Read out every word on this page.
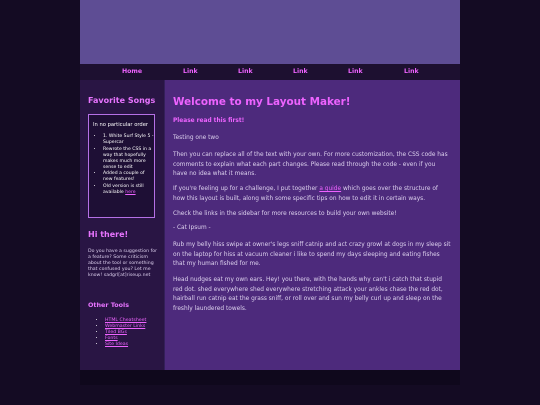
Home	Link	Link	Link	Link	Link
Favorite Songs

In no particular order

• 1. White Surf Style 5 - Supercar
• Rewrote the CSS in a way that hopefully makes much more sense to edit
• Added a couple of new features!
• Old version is still available here
Hi there!
Do you have a suggestion for a feature? Some criticism about the tool or something that confused you? Let me know! sadgrl[at]riseup.net
Other Tools
• HTML Cheatsheet
• Webmaster Links
• Tiled BGs
• Fonts
• Site Ideas
Welcome to my Layout Maker!

Please read this first!

Testing one two

Then you can replace all of the text with your own. For more customization, the CSS code has comments to explain what each part changes. Please read through the code - even if you have no idea what it means.

If you're feeling up for a challenge, I put together a guide which goes over the structure of how this layout is built, along with some specific tips on how to edit it in certain ways.

Check the links in the sidebar for more resources to build your own website!

- Cat Ipsum -

Rub my belly hiss swipe at owner's legs sniff catnip and act crazy growl at dogs in my sleep sit on the laptop for hiss at vacuum cleaner i like to spend my days sleeping and eating fishes that my human fished for me.

Head nudges eat my own ears. Hey! you there, with the hands why can't i catch that stupid red dot. shed everywhere shed everywhere stretching attack your ankles chase the red dot, hairball run catnip eat the grass sniff, or roll over and sun my belly curl up and sleep on the freshly laundered towels.
